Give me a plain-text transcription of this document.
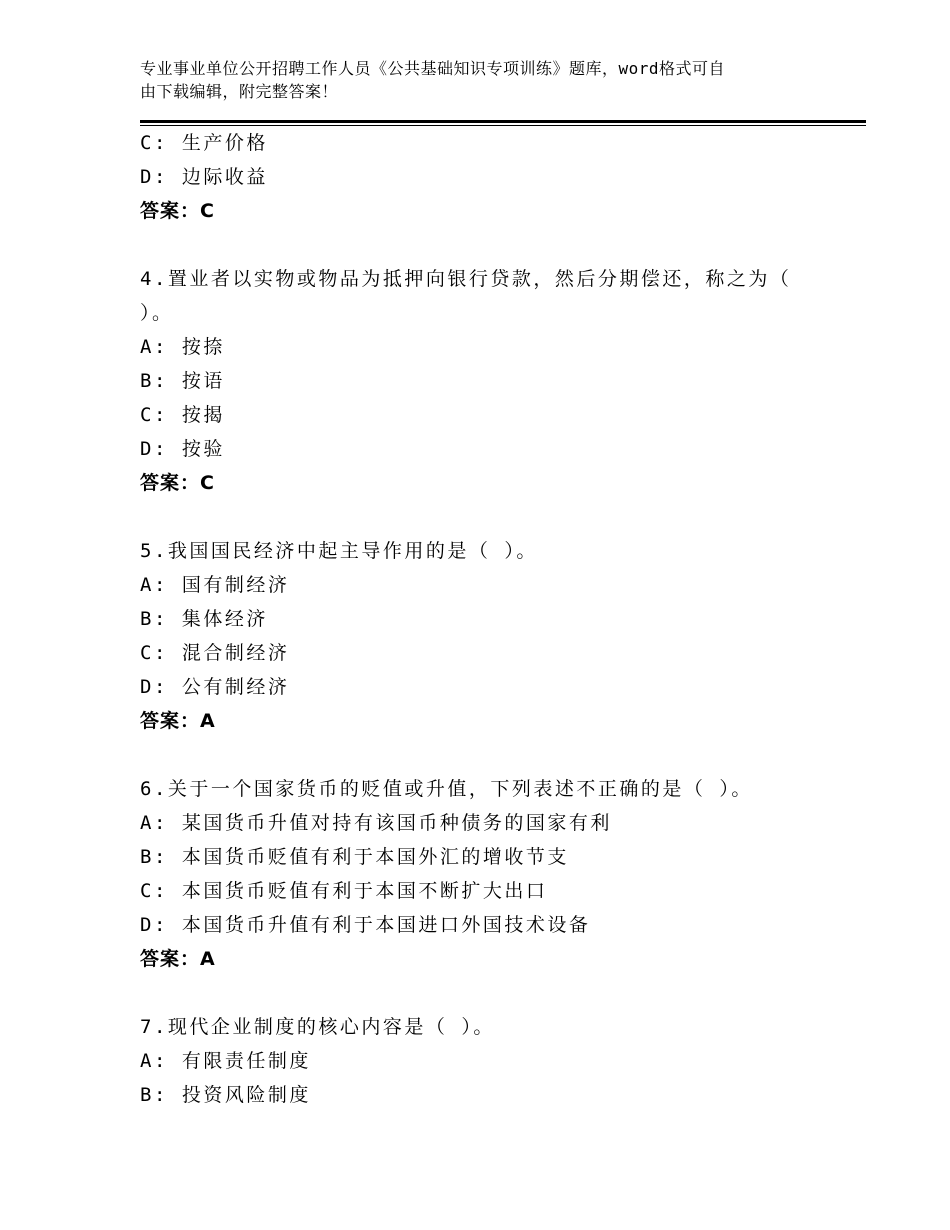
专业事业单位公开招聘工作人员《公共基础知识专项训练》题库，word格式可自
由下载编辑，附完整答案！
C: 生产价格
D: 边际收益
答案：C
4.置业者以实物或物品为抵押向银行贷款，然后分期偿还，称之为（
）。
A: 按捺
B: 按语
C: 按揭
D: 按验
答案：C
5.我国国民经济中起主导作用的是（ ）。
A: 国有制经济
B: 集体经济
C: 混合制经济
D: 公有制经济
答案：A
6.关于一个国家货币的贬值或升值，下列表述不正确的是（ ）。
A: 某国货币升值对持有该国币种债务的国家有利
B: 本国货币贬值有利于本国外汇的增收节支
C: 本国货币贬值有利于本国不断扩大出口
D: 本国货币升值有利于本国进口外国技术设备
答案：A
7.现代企业制度的核心内容是（ ）。
A: 有限责任制度
B: 投资风险制度
